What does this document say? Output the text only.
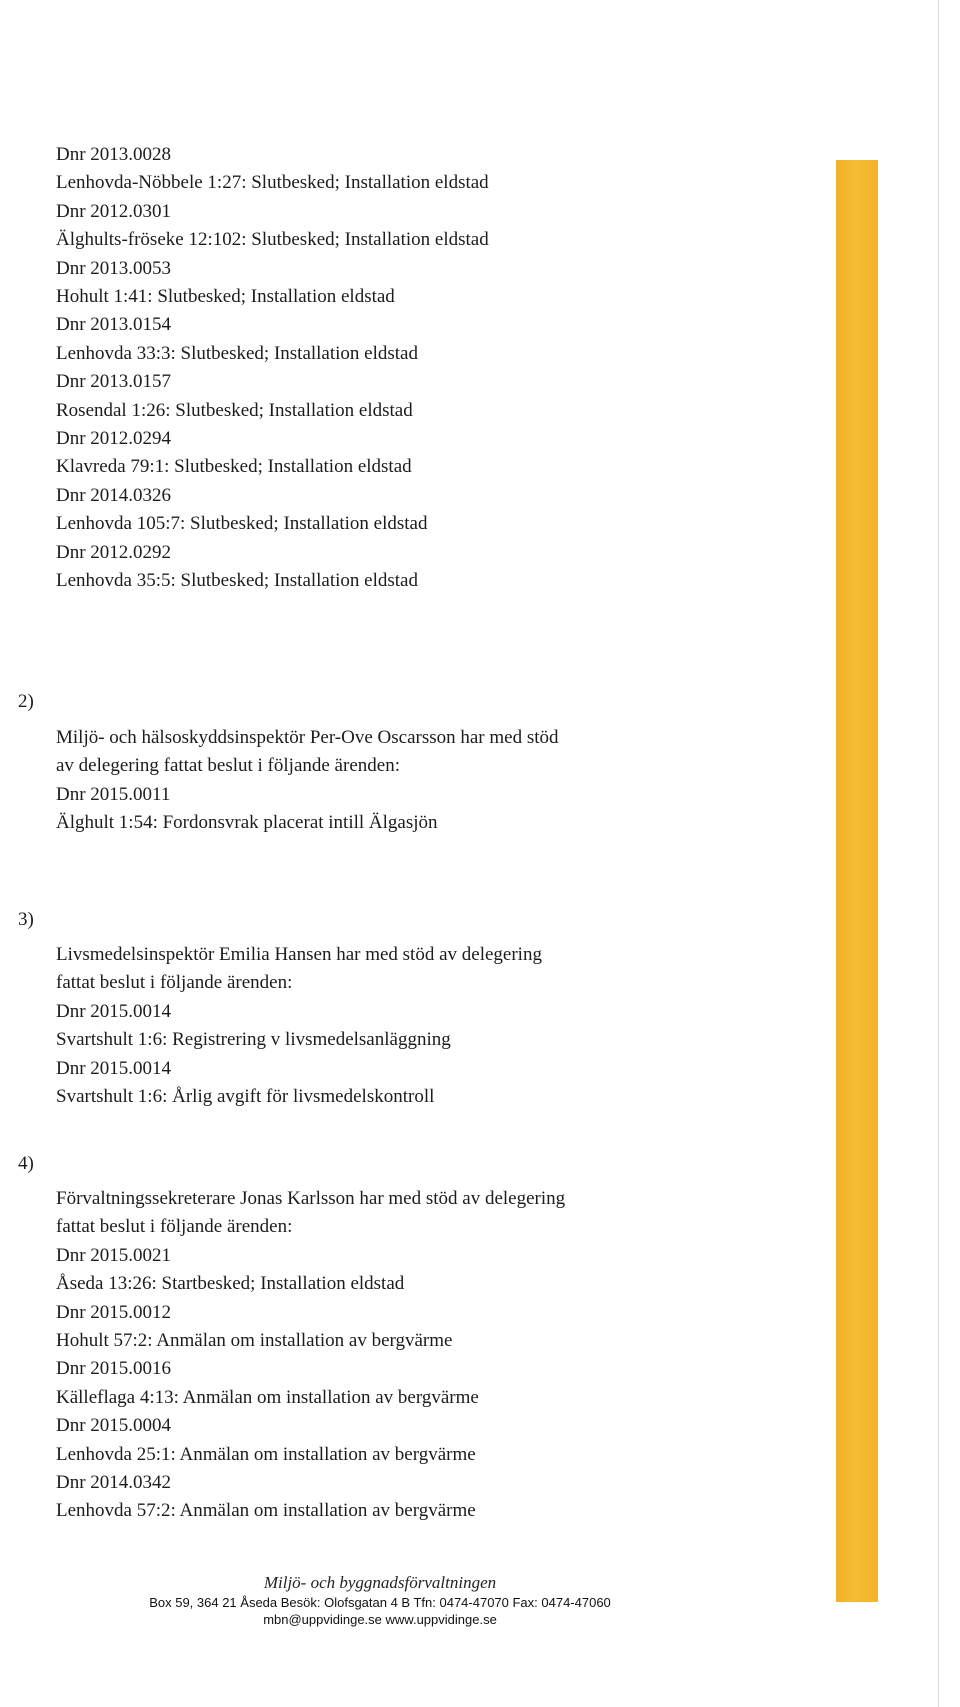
Dnr 2013.0028
Lenhovda-Nöbbele 1:27: Slutbesked; Installation eldstad
Dnr 2012.0301
Älghults-fröseke 12:102: Slutbesked; Installation eldstad
Dnr 2013.0053
Hohult 1:41: Slutbesked; Installation eldstad
Dnr 2013.0154
Lenhovda 33:3: Slutbesked; Installation eldstad
Dnr 2013.0157
Rosendal 1:26: Slutbesked; Installation eldstad
Dnr 2012.0294
Klavreda 79:1: Slutbesked; Installation eldstad
Dnr 2014.0326
Lenhovda 105:7: Slutbesked; Installation eldstad
Dnr 2012.0292
Lenhovda 35:5: Slutbesked; Installation eldstad
2)
Miljö- och hälsoskyddsinspektör Per-Ove Oscarsson har med stöd
av delegering fattat beslut i följande ärenden:
Dnr 2015.0011
Älghult 1:54: Fordonsvrak placerat intill Älgasjön
3)
Livsmedelsinspektör Emilia Hansen har med stöd av delegering
fattat beslut i följande ärenden:
Dnr 2015.0014
Svartshult 1:6: Registrering v livsmedelsanläggning
Dnr 2015.0014
Svartshult 1:6: Årlig avgift för livsmedelskontroll
4)
Förvaltningssekreterare Jonas Karlsson har med stöd av delegering
fattat beslut i följande ärenden:
Dnr 2015.0021
Åseda 13:26: Startbesked; Installation eldstad
Dnr 2015.0012
Hohult 57:2: Anmälan om installation av bergvärme
Dnr 2015.0016
Källeflaga 4:13: Anmälan om installation av bergvärme
Dnr 2015.0004
Lenhovda 25:1: Anmälan om installation av bergvärme
Dnr 2014.0342
Lenhovda 57:2: Anmälan om installation av bergvärme
Miljö- och byggnadsförvaltningen
Box 59, 364 21 Åseda Besök: Olofsgatan 4 B Tfn: 0474-47070 Fax: 0474-47060
mbn@uppvidinge.se www.uppvidinge.se
